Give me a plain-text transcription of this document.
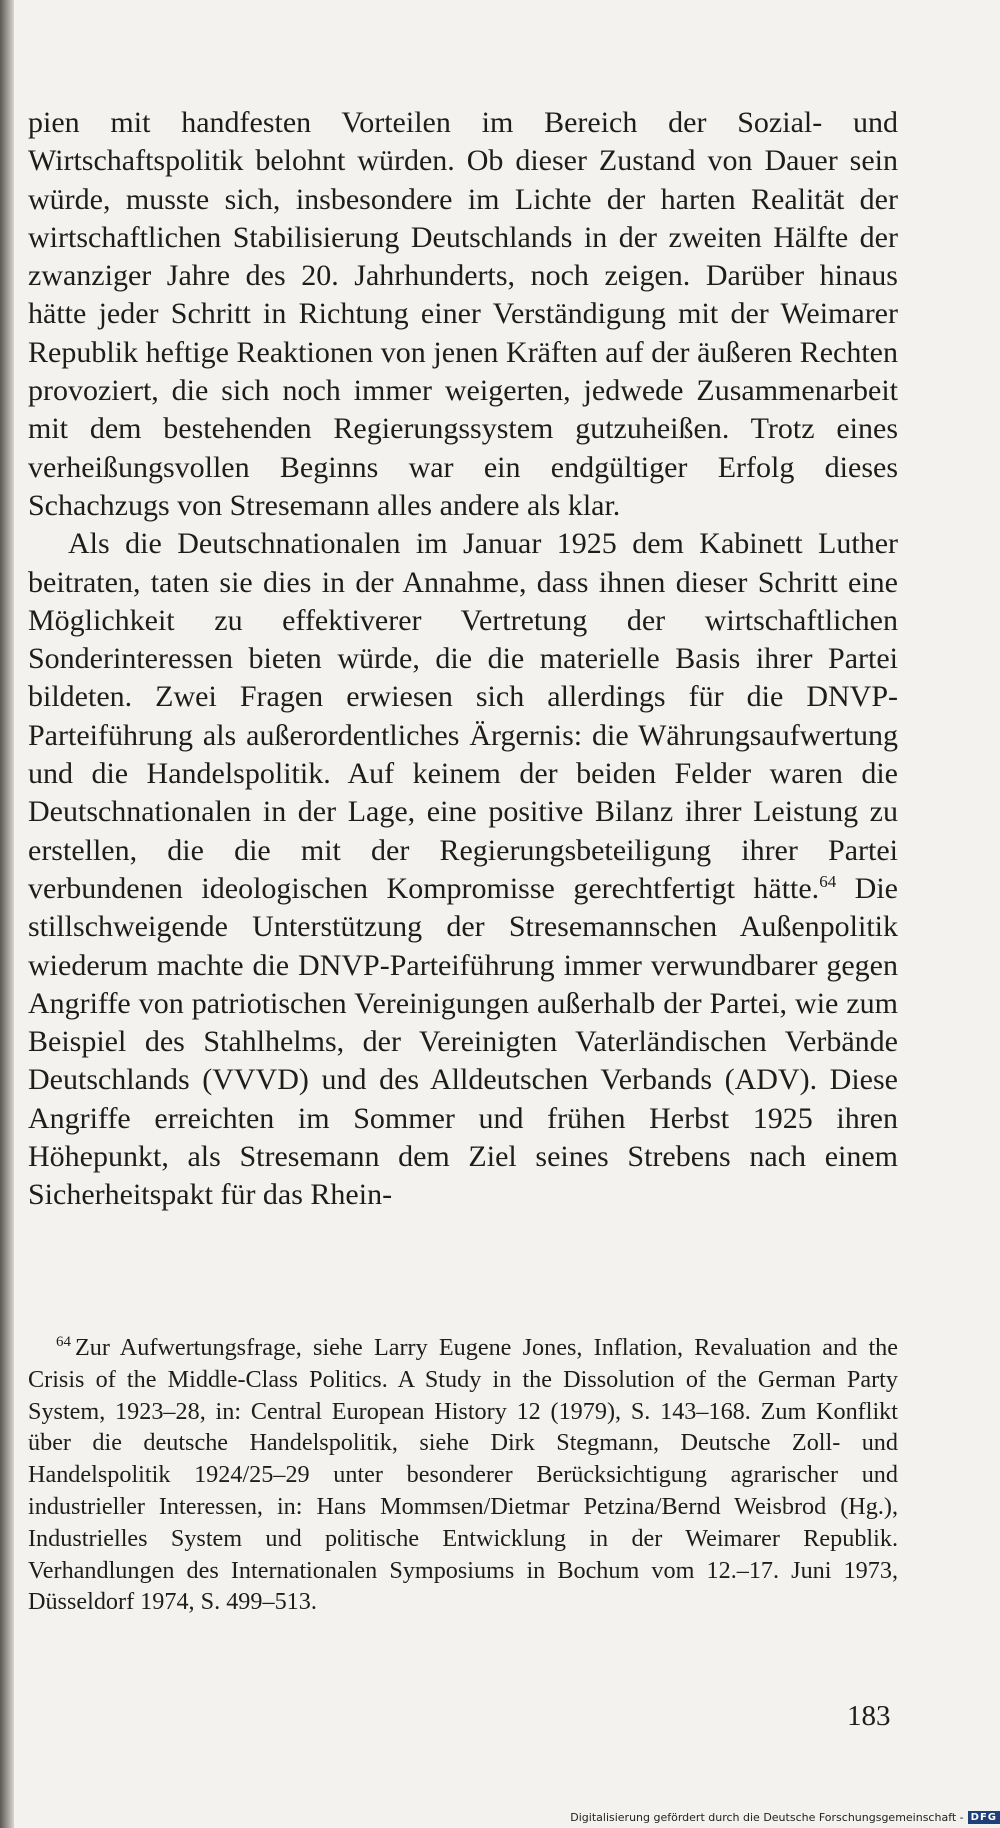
pien mit handfesten Vorteilen im Bereich der Sozial- und Wirtschaftspolitik belohnt würden. Ob dieser Zustand von Dauer sein würde, musste sich, insbesondere im Lichte der harten Realität der wirtschaftlichen Stabilisierung Deutschlands in der zweiten Hälfte der zwanziger Jahre des 20. Jahrhunderts, noch zeigen. Darüber hinaus hätte jeder Schritt in Richtung einer Verständigung mit der Weimarer Republik heftige Reaktionen von jenen Kräften auf der äußeren Rechten provoziert, die sich noch immer weigerten, jedwede Zusammenarbeit mit dem bestehenden Regierungssystem gutzuheißen. Trotz eines verheißungsvollen Beginns war ein endgültiger Erfolg dieses Schachzugs von Stresemann alles andere als klar.

Als die Deutschnationalen im Januar 1925 dem Kabinett Luther beitraten, taten sie dies in der Annahme, dass ihnen dieser Schritt eine Möglichkeit zu effektiverer Vertretung der wirtschaftlichen Sonderinteressen bieten würde, die die materielle Basis ihrer Partei bildeten. Zwei Fragen erwiesen sich allerdings für die DNVP-Parteiführung als außerordentliches Ärgernis: die Währungsaufwertung und die Handelspolitik. Auf keinem der beiden Felder waren die Deutschnationalen in der Lage, eine positive Bilanz ihrer Leistung zu erstellen, die die mit der Regierungsbeteiligung ihrer Partei verbundenen ideologischen Kompromisse gerechtfertigt hätte.$^{64}$ Die stillschweigende Unterstützung der Stresemannschen Außenpolitik wiederum machte die DNVP-Parteiführung immer verwundbarer gegen Angriffe von patriotischen Vereinigungen außerhalb der Partei, wie zum Beispiel des Stahlhelms, der Vereinigten Vaterländischen Verbände Deutschlands (VVVD) und des Alldeutschen Verbands (ADV). Diese Angriffe erreichten im Sommer und frühen Herbst 1925 ihren Höhepunkt, als Stresemann dem Ziel seines Strebens nach einem Sicherheitspakt für das Rhein-

$^{64}$ Zur Aufwertungsfrage, siehe Larry Eugene Jones, Inflation, Revaluation and the Crisis of the Middle-Class Politics. A Study in the Dissolution of the German Party System, 1923–28, in: Central European History 12 (1979), S. 143–168. Zum Konflikt über die deutsche Handelspolitik, siehe Dirk Stegmann, Deutsche Zoll- und Handelspolitik 1924/25–29 unter besonderer Berücksichtigung agrarischer und industrieller Interessen, in: Hans Mommsen/Dietmar Petzina/Bernd Weisbrod (Hg.), Industrielles System und politische Entwicklung in der Weimarer Republik. Verhandlungen des Internationalen Symposiums in Bochum vom 12.–17. Juni 1973, Düsseldorf 1974, S. 499–513.

183
Digitalisierung gefördert durch die Deutsche Forschungsgemeinschaft - DFG
